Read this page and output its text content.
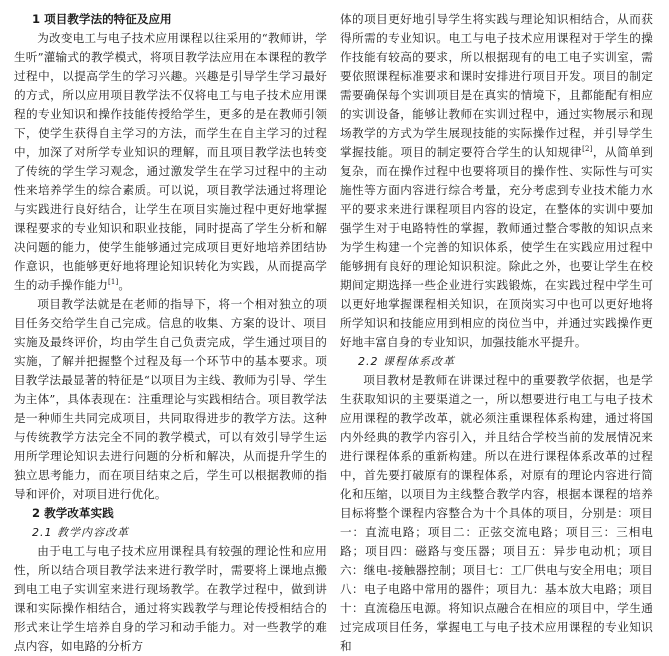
1 项目教学法的特征及应用

为改变电工与电子技术应用课程以往采用的“教师讲，学生听”灌输式的教学模式，将项目教学法应用在本课程的教学过程中，以提高学生的学习兴趣。兴趣是引导学生学习最好的方式，所以应用项目教学法不仅将电工与电子技术应用课程的专业知识和操作技能传授给学生，更多的是在教师引领下，使学生获得自主学习的方法，而学生在自主学习的过程中，加深了对所学专业知识的理解，而且项目教学法也转变了传统的学生学习观念，通过激发学生在学习过程中的主动性来培养学生的综合素质。可以说，项目教学法通过将理论与实践进行良好结合，让学生在项目实施过程中更好地掌握课程要求的专业知识和职业技能，同时提高了学生分析和解决问题的能力，使学生能够通过完成项目更好地培养团结协作意识，也能够更好地将理论知识转化为实践，从而提高学生的动手操作能力[1]。

项目教学法就是在老师的指导下，将一个相对独立的项目任务交给学生自己完成。信息的收集、方案的设计、项目实施及最终评价，均由学生自己负责完成，学生通过项目的实施，了解并把握整个过程及每一个环节中的基本要求。项目教学法最显著的特征是“以项目为主线、教师为引导、学生为主体”，具体表现在：注重理论与实践相结合。项目教学法是一种师生共同完成项目，共同取得进步的教学方法。这种与传统教学方法完全不同的教学模式，可以有效引导学生运用所学理论知识去进行问题的分析和解决，从而提升学生的独立思考能力，而在项目结束之后，学生可以根据教师的指导和评价，对项目进行优化。

2 教学改革实践
2.1 教学内容改革

由于电工与电子技术应用课程具有较强的理论性和应用性，所以结合项目教学法来进行教学时，需要将上课地点搬到电工电子实训室来进行现场教学。在教学过程中，做到讲课和实际操作相结合，通过将实践教学与理论传授相结合的形式来让学生培养自身的学习和动手能力。对一些教学的难点内容，如电路的分析方

体的项目更好地引导学生将实践与理论知识相结合，从而获得所需的专业知识。电工与电子技术应用课程对于学生的操作技能有较高的要求，所以根据现有的电工电子实训室，需要依照课程标准要求和课时安排进行项目开发。项目的制定需要确保每个实训项目是在真实的情境下，且都能配有相应的实训设备，能够让教师在实训过程中，通过实物展示和现场教学的方式为学生展现技能的实际操作过程，并引导学生掌握技能。项目的制定要符合学生的认知规律[2]，从简单到复杂，而在操作过程中也要将项目的操作性、实际性与可实施性等方面内容进行综合考量，充分考虑到专业技术能力水平的要求来进行课程项目内容的设定，在整体的实训中要加强学生对于电路特性的掌握，教师通过整合零散的知识点来为学生构建一个完善的知识体系，使学生在实践应用过程中能够拥有良好的理论知识积淀。除此之外，也要让学生在校期间定期选择一些企业进行实践锻炼，在实践过程中学生可以更好地掌握课程相关知识，在顶岗实习中也可以更好地将所学知识和技能应用到相应的岗位当中，并通过实践操作更好地丰富自身的专业知识，加强技能水平提升。

2.2 课程体系改革

项目教材是教师在讲课过程中的重要教学依据，也是学生获取知识的主要渠道之一，所以想要进行电工与电子技术应用课程的教学改革，就必须注重课程体系构建，通过将国内外经典的教学内容引入，并且结合学校当前的发展情况来进行课程体系的重新构建。所以在进行课程体系改革的过程中，首先要打破原有的课程体系，对原有的理论内容进行简化和压缩，以项目为主线整合教学内容，根据本课程的培养目标将整个课程内容整合为十个具体的项目，分别是：项目一：直流电路；项目二：正弦交流电路；项目三：三相电路；项目四：磁路与变压器；项目五：异步电动机；项目六：继电-接触器控制；项目七：工厂供电与安全用电；项目八：电子电路中常用的器件；项目九：基本放大电路；项目十：直流稳压电源。将知识点融合在相应的项目中，学生通过完成项目任务，掌握电工与电子技术应用课程的专业知识和
